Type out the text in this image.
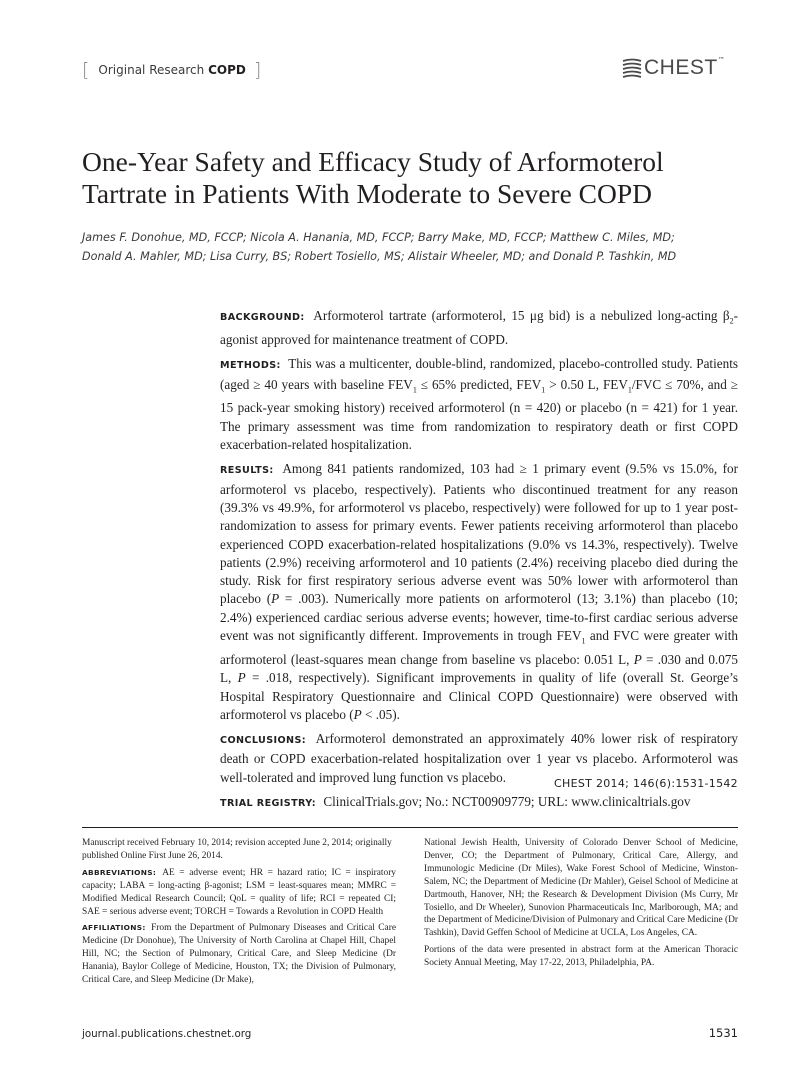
[ Original Research COPD ]	CHEST ™
One-Year Safety and Efficacy Study of Arformoterol
Tartrate in Patients With Moderate to Severe COPD

James F. Donohue, MD, FCCP; Nicola A. Hanania, MD, FCCP; Barry Make, MD, FCCP; Matthew C. Miles, MD;
Donald A. Mahler, MD; Lisa Curry, BS; Robert Tosiello, MS; Alistair Wheeler, MD; and Donald P. Tashkin, MD

BACKGROUND: Arformoterol tartrate (arformoterol, 15 μg bid) is a nebulized long-acting $\beta_2$-agonist approved for maintenance treatment of COPD.

METHODS: This was a multicenter, double-blind, randomized, placebo-controlled study. Patients (aged ≥ 40 years with baseline $FEV_1 \le 65\%$ predicted, $FEV_1 > 0.50$ L, $FEV_1$/FVC ≤ 70%, and ≥ 15 pack-year smoking history) received arformoterol (n = 420) or placebo (n = 421) for 1 year. The primary assessment was time from randomization to respiratory death or first COPD exacerbation-related hospitalization.

RESULTS: Among 841 patients randomized, 103 had ≥ 1 primary event (9.5% vs 15.0%, for arformoterol vs placebo, respectively). Patients who discontinued treatment for any reason (39.3% vs 49.9%, for arformoterol vs placebo, respectively) were followed for up to 1 year post-randomization to assess for primary events. Fewer patients receiving arformoterol than placebo experienced COPD exacerbation-related hospitalizations (9.0% vs 14.3%, respectively). Twelve patients (2.9%) receiving arformoterol and 10 patients (2.4%) receiving placebo died during the study. Risk for first respiratory serious adverse event was 50% lower with arformoterol than placebo (P = .003). Numerically more patients on arformoterol (13; 3.1%) than placebo (10; 2.4%) experienced cardiac serious adverse events; however, time-to-first cardiac serious adverse event was not significantly different. Improvements in trough $FEV_1$ and FVC were greater with arformoterol (least-squares mean change from baseline vs placebo: 0.051 L, P = .030 and 0.075 L, P = .018, respectively). Significant improvements in quality of life (overall St. George’s Hospital Respiratory Questionnaire and Clinical COPD Questionnaire) were observed with arformoterol vs placebo (P < .05).

CONCLUSIONS: Arformoterol demonstrated an approximately 40% lower risk of respiratory death or COPD exacerbation-related hospitalization over 1 year vs placebo. Arformoterol was well-tolerated and improved lung function vs placebo.

TRIAL REGISTRY: ClinicalTrials.gov; No.: NCT00909779; URL: www.clinicaltrials.gov

CHEST 2014; 146(6):1531-1542

Manuscript received February 10, 2014; revision accepted June 2, 2014; originally published Online First June 26, 2014.

ABBREVIATIONS: AE = adverse event; HR = hazard ratio; IC = inspiratory capacity; LABA = long-acting β-agonist; LSM = least-squares mean; MMRC = Modified Medical Research Council; QoL = quality of life; RCI = repeated CI; SAE = serious adverse event; TORCH = Towards a Revolution in COPD Health

AFFILIATIONS: From the Department of Pulmonary Diseases and Critical Care Medicine (Dr Donohue), The University of North Carolina at Chapel Hill, Chapel Hill, NC; the Section of Pulmonary, Critical Care, and Sleep Medicine (Dr Hanania), Baylor College of Medicine, Houston, TX; the Division of Pulmonary, Critical Care, and Sleep Medicine (Dr Make),

National Jewish Health, University of Colorado Denver School of Medicine, Denver, CO; the Department of Pulmonary, Critical Care, Allergy, and Immunologic Medicine (Dr Miles), Wake Forest School of Medicine, Winston-Salem, NC; the Department of Medicine (Dr Mahler), Geisel School of Medicine at Dartmouth, Hanover, NH; the Research & Development Division (Ms Curry, Mr Tosiello, and Dr Wheeler), Sunovion Pharmaceuticals Inc, Marlborough, MA; and the Department of Medicine/Division of Pulmonary and Critical Care Medicine (Dr Tashkin), David Geffen School of Medicine at UCLA, Los Angeles, CA.

Portions of the data were presented in abstract form at the American Thoracic Society Annual Meeting, May 17-22, 2013, Philadelphia, PA.

journal.publications.chestnet.org	1531
